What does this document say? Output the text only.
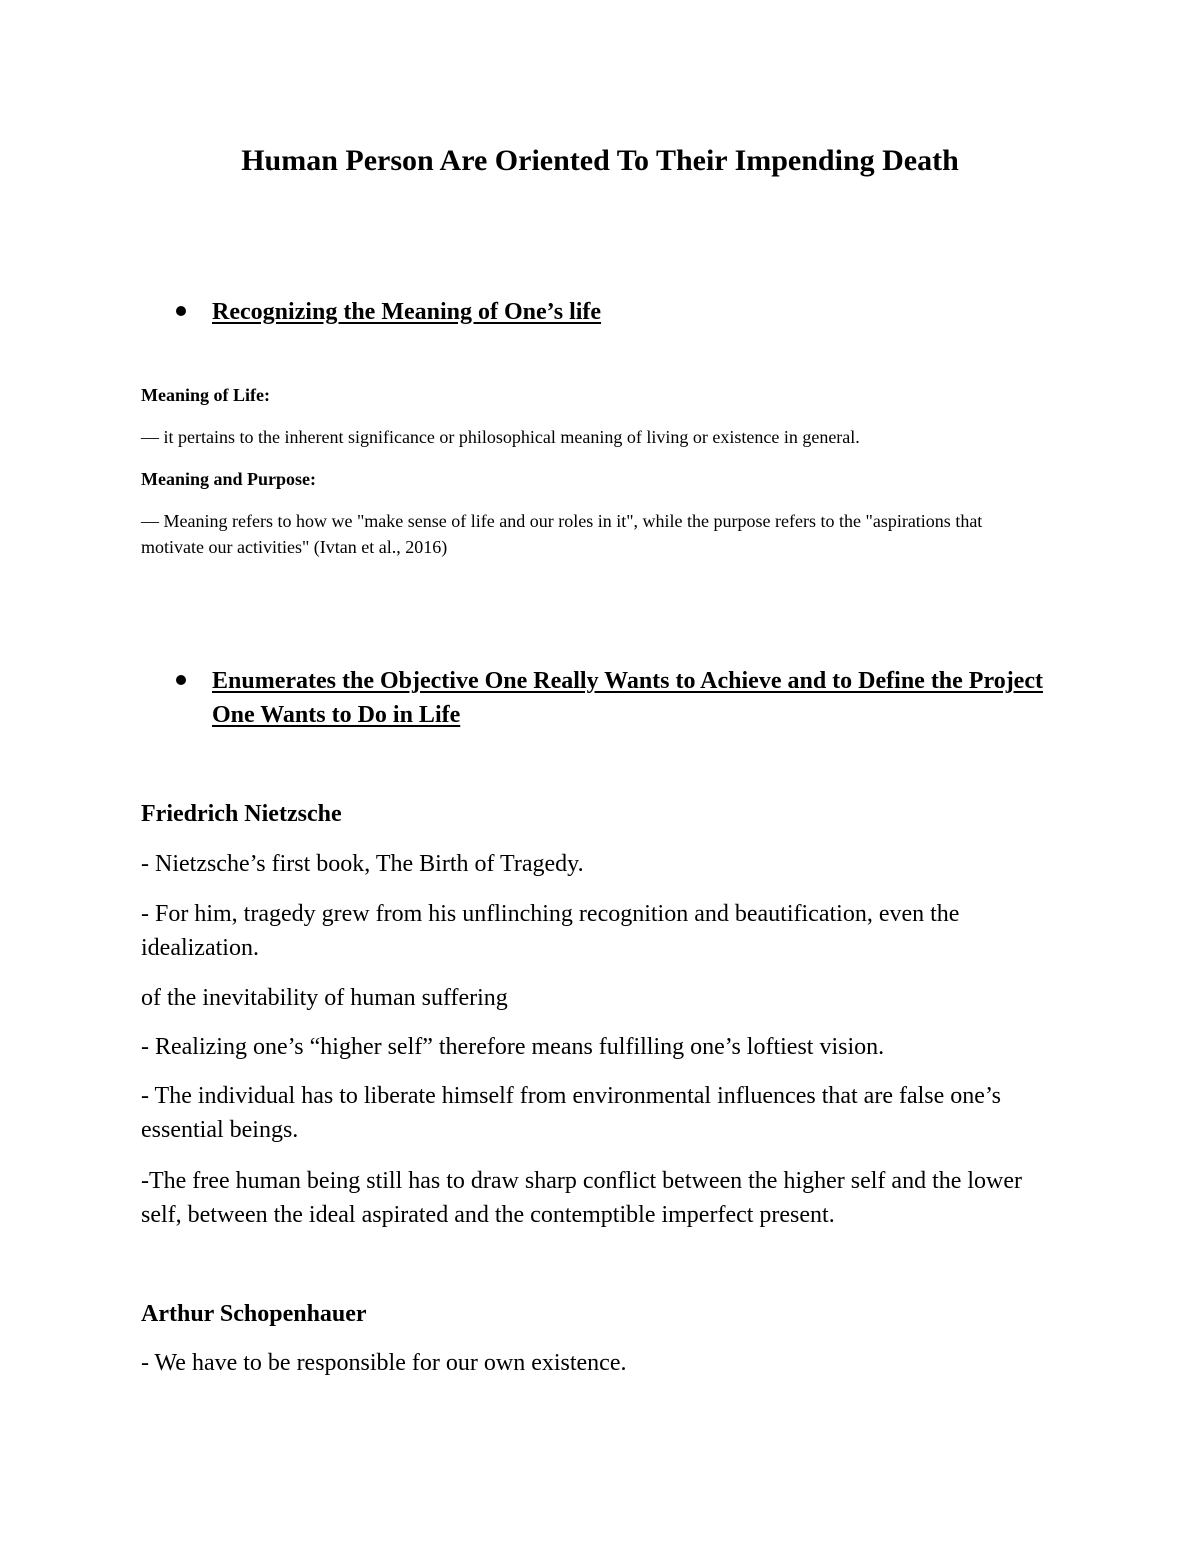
Human Person Are Oriented To Their Impending Death
Recognizing the Meaning of One’s life

Meaning of Life:

— it pertains to the inherent significance or philosophical meaning of living or existence in general.

Meaning and Purpose:

— Meaning refers to how we "make sense of life and our roles in it", while the purpose refers to the "aspirations that motivate our activities" (Ivtan et al., 2016)

Enumerates the Objective One Really Wants to Achieve and to Define the Project One Wants to Do in Life

Friedrich Nietzsche

- Nietzsche’s first book, The Birth of Tragedy.

- For him, tragedy grew from his unflinching recognition and beautification, even the idealization.

of the inevitability of human suffering

- Realizing one’s “higher self” therefore means fulfilling one’s loftiest vision.

- The individual has to liberate himself from environmental influences that are false one’s essential beings.

-The free human being still has to draw sharp conflict between the higher self and the lower self, between the ideal aspirated and the contemptible imperfect present.

Arthur Schopenhauer

- We have to be responsible for our own existence.
